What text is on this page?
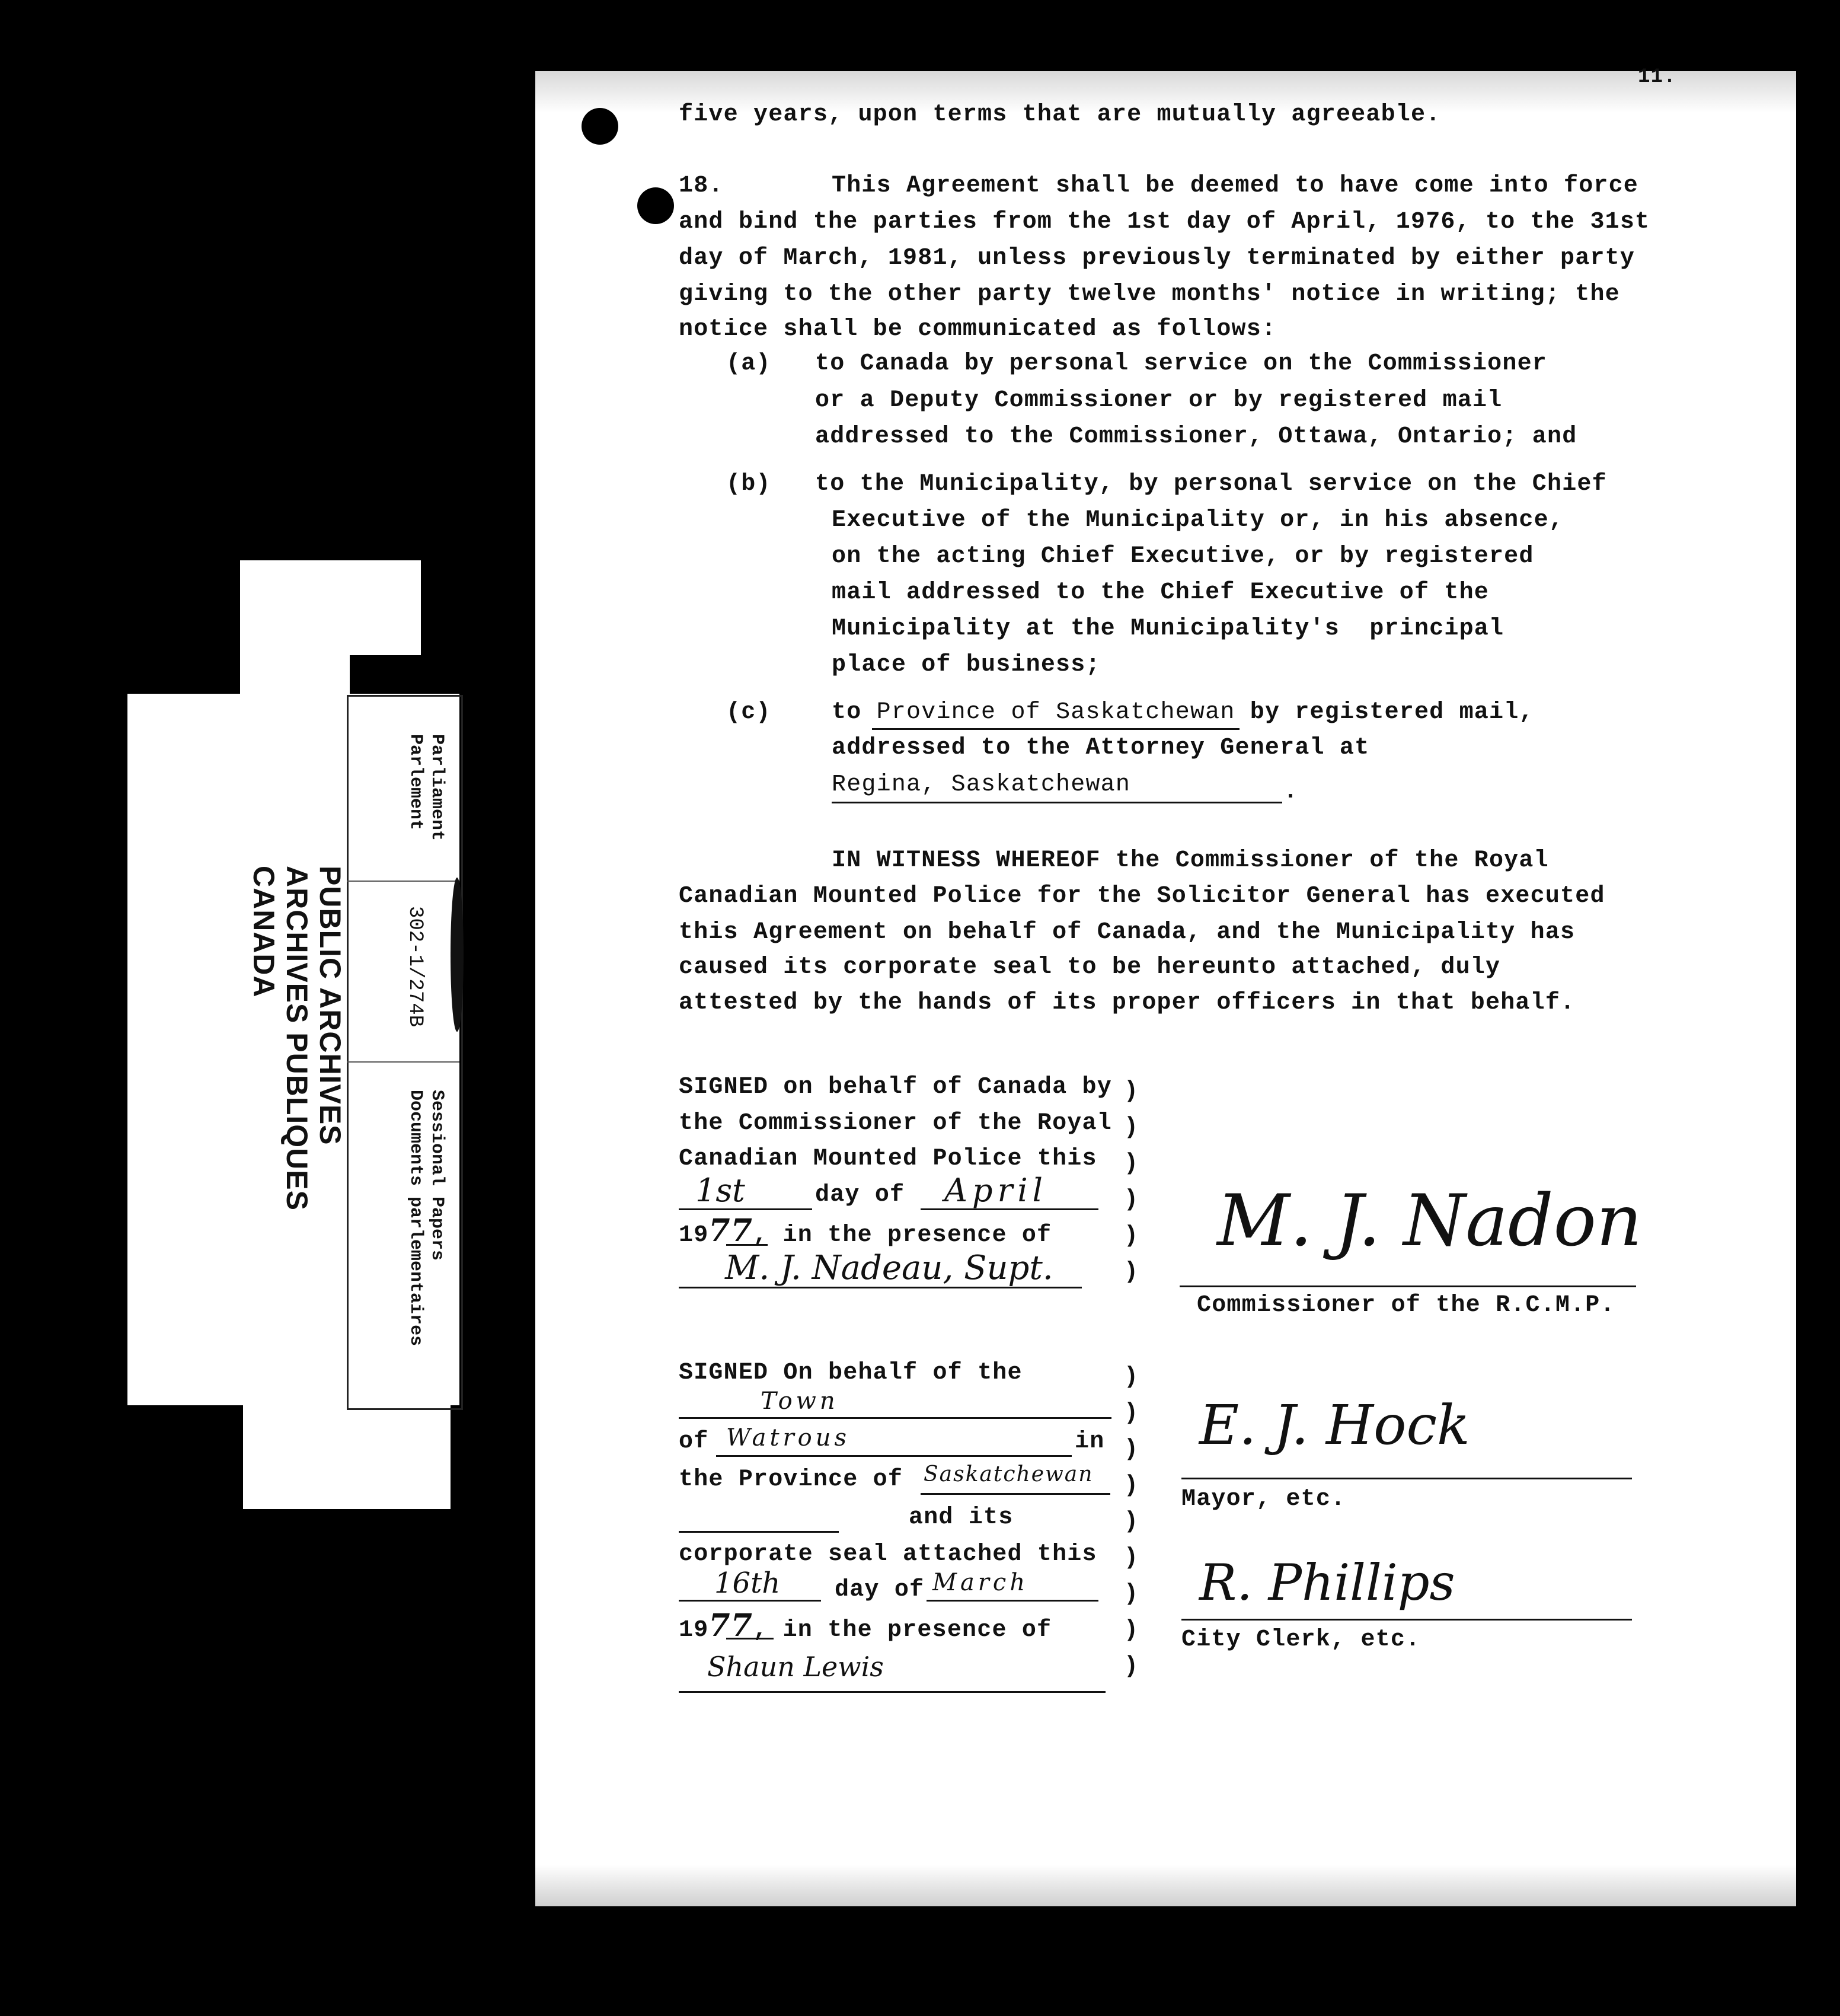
PUBLIC ARCHIVES
ARCHIVES PUBLIQUES
CANADA
Parliament
Parlement
302-1/274B
Sessional Papers
Documents parlementaires
11.
five years, upon terms that are mutually agreeable.
18.	This Agreement shall be deemed to have come into force
and bind the parties from the 1st day of April, 1976, to the 31st
day of March, 1981, unless previously terminated by either party
giving to the other party twelve months' notice in writing; the
notice shall be communicated as follows:
(a) to Canada by personal service on the Commissioner
or a Deputy Commissioner or by registered mail
addressed to the Commissioner, Ottawa, Ontario; and
(b) to the Municipality, by personal service on the Chief
Executive of the Municipality or, in his absence,
on the acting Chief Executive, or by registered
mail addressed to the Chief Executive of the
Municipality at the Municipality's  principal
place of business;
(c)	to Province of Saskatchewan by registered mail,
addressed to the Attorney General at
Regina, Saskatchewan	.
IN WITNESS WHEREOF the Commissioner of the Royal
Canadian Mounted Police for the Solicitor General has executed
this Agreement on behalf of Canada, and the Municipality has
caused its corporate seal to be hereunto attached, duly
attested by the hands of its proper officers in that behalf.
SIGNED on behalf of Canada by
the Commissioner of the Royal
Canadian Mounted Police this
1st	day of April
1977, in the presence of
M. J. Nadeau, Supt.
)
)
)
)
)
)
M. J. Nadon
Commissioner of the R.C.M.P.
SIGNED On behalf of the
Town
of Watrous	in
the Province of Saskatchewan
and its
corporate seal attached this
16th day of March
1977, in the presence of
Shaun Lewis
)
)
)
)
)
)
)
)
)
E. J. Hock
Mayor, etc.
R. Phillips
City Clerk, etc.
